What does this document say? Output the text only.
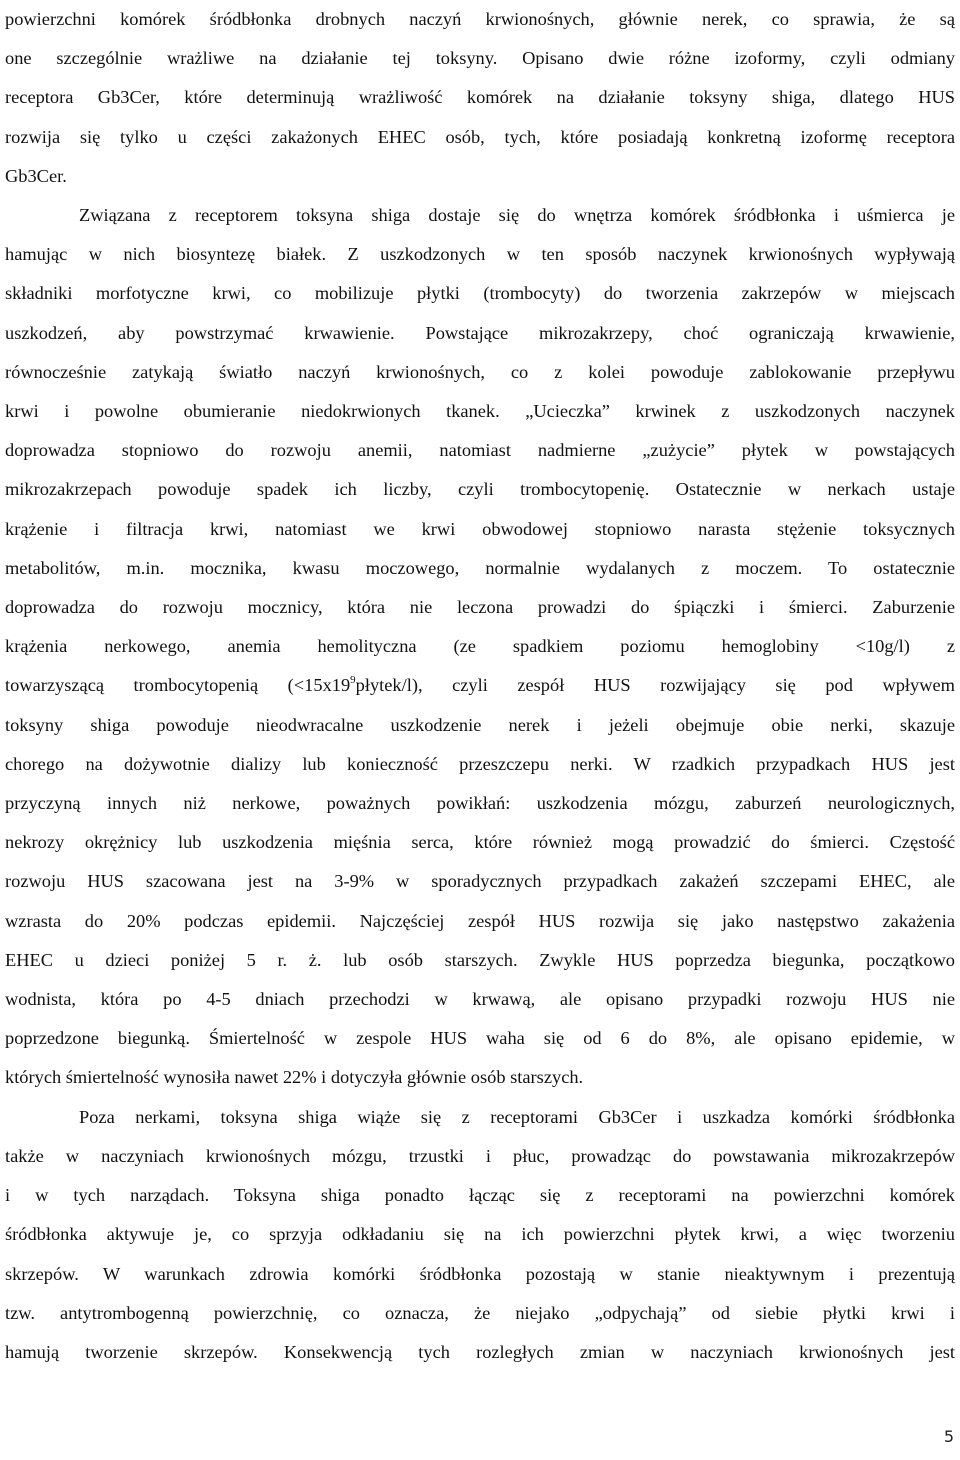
powierzchni komórek śródbłonka drobnych naczyń krwionośnych, głównie nerek, co sprawia, że są
one szczególnie wrażliwe na działanie tej toksyny. Opisano dwie różne izoformy, czyli odmiany
receptora Gb3Cer, które determinują wrażliwość komórek na działanie toksyny shiga, dlatego HUS
rozwija się tylko u części zakażonych EHEC osób, tych, które posiadają konkretną izoformę receptora
Gb3Cer.
Związana z receptorem toksyna shiga dostaje się do wnętrza komórek śródbłonka i uśmierca je
hamując w nich biosyntezę białek. Z uszkodzonych w ten sposób naczynek krwionośnych wypływają
składniki morfotyczne krwi, co mobilizuje płytki (trombocyty) do tworzenia zakrzepów w miejscach
uszkodzeń, aby powstrzymać krwawienie. Powstające mikrozakrzepy, choć ograniczają krwawienie,
równocześnie zatykają światło naczyń krwionośnych, co z kolei powoduje zablokowanie przepływu
krwi i powolne obumieranie niedokrwionych tkanek. „Ucieczka” krwinek z uszkodzonych naczynek
doprowadza stopniowo do rozwoju anemii, natomiast nadmierne „zużycie” płytek w powstających
mikrozakrzepach powoduje spadek ich liczby, czyli trombocytopenię. Ostatecznie w nerkach ustaje
krążenie i filtracja krwi, natomiast we krwi obwodowej stopniowo narasta stężenie toksycznych
metabolitów, m.in. mocznika, kwasu moczowego, normalnie wydalanych z moczem. To ostatecznie
doprowadza do rozwoju mocznicy, która nie leczona prowadzi do śpiączki i śmierci. Zaburzenie
krążenia nerkowego, anemia hemolityczna (ze spadkiem poziomu hemoglobiny <10g/l) z
towarzyszącą trombocytopenią $(<15x19^9płytek/l)$, czyli zespół HUS rozwijający się pod wpływem
toksyny shiga powoduje nieodwracalne uszkodzenie nerek i jeżeli obejmuje obie nerki, skazuje
chorego na dożywotnie dializy lub konieczność przeszczepu nerki. W rzadkich przypadkach HUS jest
przyczyną innych niż nerkowe, poważnych powikłań: uszkodzenia mózgu, zaburzeń neurologicznych,
nekrozy okrężnicy lub uszkodzenia mięśnia serca, które również mogą prowadzić do śmierci. Częstość
rozwoju HUS szacowana jest na 3-9% w sporadycznych przypadkach zakażeń szczepami EHEC, ale
wzrasta do 20% podczas epidemii. Najczęściej zespół HUS rozwija się jako następstwo zakażenia
EHEC u dzieci poniżej 5 r. ż. lub osób starszych. Zwykle HUS poprzedza biegunka, początkowo
wodnista, która po 4-5 dniach przechodzi w krwawą, ale opisano przypadki rozwoju HUS nie
poprzedzone biegunką. Śmiertelność w zespole HUS waha się od 6 do 8%, ale opisano epidemie, w
których śmiertelność wynosiła nawet 22% i dotyczyła głównie osób starszych.
Poza nerkami, toksyna shiga wiąże się z receptorami Gb3Cer i uszkadza komórki śródbłonka
także w naczyniach krwionośnych mózgu, trzustki i płuc, prowadząc do powstawania mikrozakrzepów
i w tych narządach. Toksyna shiga ponadto łącząc się z receptorami na powierzchni komórek
śródbłonka aktywuje je, co sprzyja odkładaniu się na ich powierzchni płytek krwi, a więc tworzeniu
skrzepów. W warunkach zdrowia komórki śródbłonka pozostają w stanie nieaktywnym i prezentują
tzw. antytrombogenną powierzchnię, co oznacza, że niejako „odpychają” od siebie płytki krwi i
hamują tworzenie skrzepów. Konsekwencją tych rozległych zmian w naczyniach krwionośnych jest
5
